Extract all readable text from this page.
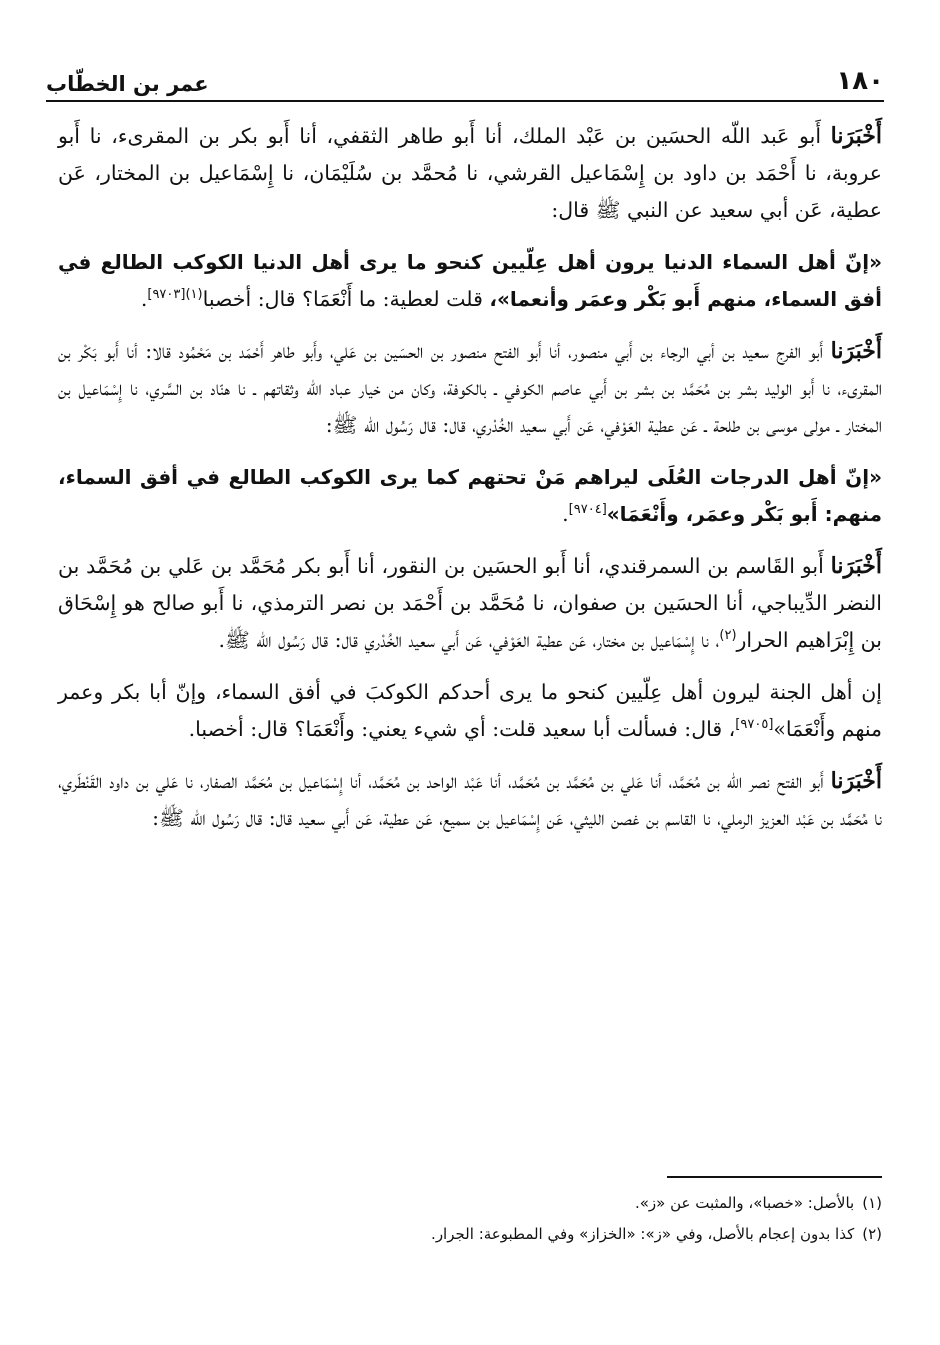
١٨٠
عمر بن الخطّاب

أَخْبَرَنا أَبو عَبد اللّه الحسَين بن عَبْد الملك، أنا أَبو طاهر الثقفي، أنا أَبو بكر بن المقرىء، نا أَبو عروبة، نا أَحْمَد بن داود بن إِسْمَاعيل القرشي، نا مُحمَّد بن سُلَيْمَان، نا إِسْمَاعيل بن المختار، عَن عطية، عَن أبي سعيد عن النبي ﷺ قال:

«إنّ أهل السماء الدنيا يرون أهل عِلّيين كنحو ما يرى أهل الدنيا الكوكب الطالع في أفق السماء، منهم أَبو بَكْر وعمَر وأنعما»، قلت لعطية: ما أَنْعَمَا؟ قال: أخصبا$^{(١)[٩٧٠٣]}$.

أَخْبَرَنا أَبو الفرج سعيد بن أبي الرجاء بن أَبي منصور، أنا أَبو الفتح منصور بن الحسَين بن عَلي، وأَبو طاهر أَحْمَد بن مَحْمُود قالا: أنا أَبو بَكْر بن المقرىء، نا أَبو الوليد بشر بن مُحَمَّد بن بشر بن أَبي عاصم الكوفي ـ بالكوفة، وكان من خيار عباد الله وثقاتهم ـ نا هنّاد بن السَّري، نا إِسْمَاعيل بن المختار ـ مولى موسى بن طلحة ـ عَن عطية العَوْفي، عَن أَبي سعيد الخُدْري، قال: قال رَسُول الله ﷺ:

«إنّ أهل الدرجات العُلَى ليراهم مَنْ تحتهم كما يرى الكوكب الطالع في أفق السماء، منهم: أَبو بَكْر وعمَر، وأَنْعَمَا»[٩٧٠٤].

أَخْبَرَنا أَبو القَاسم بن السمرقندي، أنا أَبو الحسَين بن النقور، أنا أَبو بكر مُحَمَّد بن عَلي بن مُحَمَّد بن النضر الدِّيباجي، أنا الحسَين بن صفوان، نا مُحَمَّد بن أَحْمَد بن نصر الترمذي، نا أَبو صالح هو إِسْحَاق بن إِبْرَاهيم الحرار$^{(٢)}$، نا إِسْمَاعيل بن مختار، عَن عطية العَوْفي، عَن أَبي سعيد الخُدْري قال: قال رَسُول الله ﷺ.

إن أهل الجنة ليرون أهل عِلّيين كنحو ما يرى أحدكم الكوكبَ في أفق السماء، وإنّ أبا بكر وعمر منهم وأَنْعَمَا»[٩٧٠٥]، قال: فسألت أبا سعيد قلت: أي شيء يعني: وأَنْعَمَا؟ قال: أخصبا.

أَخْبَرَنا أَبو الفتح نصر اللّه بن مُحَمَّد، أنا عَلي بن مُحَمَّد بن مُحَمَّد، أنا عَبْد الواحد بن مُحَمَّد، أنا إِسْمَاعيل بن مُحَمَّد الصفار، نا عَلي بن داود القَنْطَري، نا مُحَمَّد بن عَبْد العزيز الرملي، نا القاسم بن غصن الليثي، عَن إِسْمَاعيل بن سميع، عَن عطية، عَن أَبي سعيد قال: قال رَسُول الله ﷺ:

(١)بالأصل: «خصبا»، والمثبت عن «ز».

(٢)كذا بدون إعجام بالأصل، وفي «ز»: «الخزاز» وفي المطبوعة: الجرار.
